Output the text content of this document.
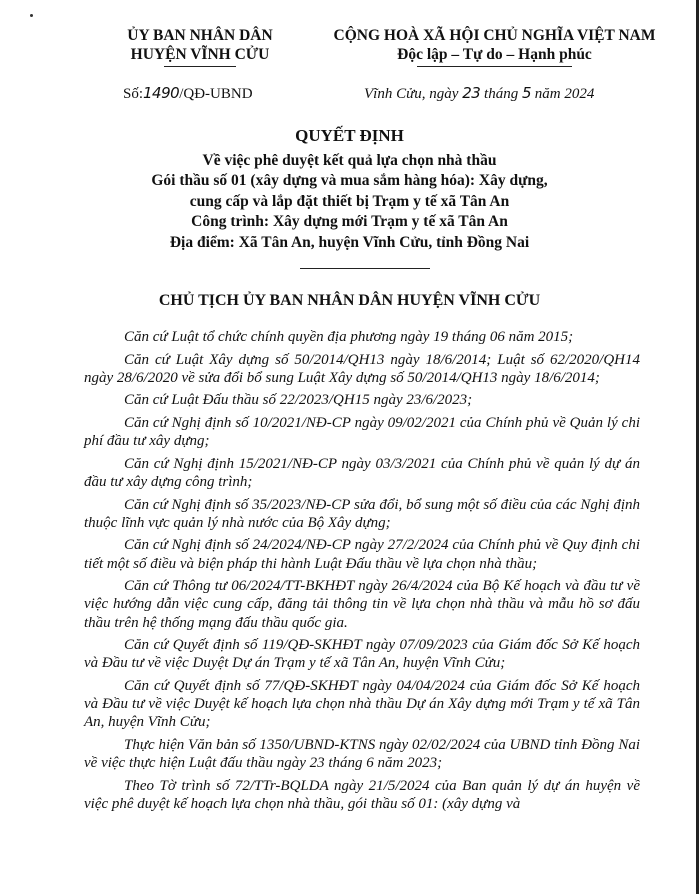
ỦY BAN NHÂN DÂN
HUYỆN VĨNH CỬU
CỘNG HOÀ XÃ HỘI CHỦ NGHĨA VIỆT NAM
Độc lập – Tự do – Hạnh phúc
Số:1490/QĐ-UBND	Vĩnh Cửu, ngày 23 tháng 5 năm 2024
QUYẾT ĐỊNH
Về việc phê duyệt kết quả lựa chọn nhà thầu
Gói thầu số 01 (xây dựng và mua sắm hàng hóa): Xây dựng,
cung cấp và lắp đặt thiết bị Trạm y tế xã Tân An
Công trình: Xây dựng mới Trạm y tế xã Tân An
Địa điểm: Xã Tân An, huyện Vĩnh Cửu, tỉnh Đồng Nai
CHỦ TỊCH ỦY BAN NHÂN DÂN HUYỆN VĨNH CỬU

Căn cứ Luật tổ chức chính quyền địa phương ngày 19 tháng 06 năm 2015;

Căn cứ Luật Xây dựng số 50/2014/QH13 ngày 18/6/2014; Luật số 62/2020/QH14 ngày 28/6/2020 về sửa đổi bổ sung Luật Xây dựng số 50/2014/QH13 ngày 18/6/2014;

Căn cứ Luật Đấu thầu số 22/2023/QH15 ngày 23/6/2023;

Căn cứ Nghị định số 10/2021/NĐ-CP ngày 09/02/2021 của Chính phủ về Quản lý chi phí đầu tư xây dựng;

Căn cứ Nghị định 15/2021/NĐ-CP ngày 03/3/2021 của Chính phủ về quản lý dự án đầu tư xây dựng công trình;

Căn cứ Nghị định số 35/2023/NĐ-CP sửa đổi, bổ sung một số điều của các Nghị định thuộc lĩnh vực quản lý nhà nước của Bộ Xây dựng;

Căn cứ Nghị định số 24/2024/NĐ-CP ngày 27/2/2024 của Chính phủ về Quy định chi tiết một số điều và biện pháp thi hành Luật Đấu thầu về lựa chọn nhà thầu;

Căn cứ Thông tư 06/2024/TT-BKHĐT ngày 26/4/2024 của Bộ Kế hoạch và đầu tư về việc hướng dẫn việc cung cấp, đăng tải thông tin về lựa chọn nhà thầu và mẫu hồ sơ đấu thầu trên hệ thống mạng đấu thầu quốc gia.

Căn cứ Quyết định số 119/QĐ-SKHĐT ngày 07/09/2023 của Giám đốc Sở Kế hoạch và Đầu tư về việc Duyệt Dự án Trạm y tế xã Tân An, huyện Vĩnh Cửu;

Căn cứ Quyết định số 77/QĐ-SKHĐT ngày 04/04/2024 của Giám đốc Sở Kế hoạch và Đầu tư về việc Duyệt kế hoạch lựa chọn nhà thầu Dự án Xây dựng mới Trạm y tế xã Tân An, huyện Vĩnh Cửu;

Thực hiện Văn bản số 1350/UBND-KTNS ngày 02/02/2024 của UBND tỉnh Đồng Nai về việc thực hiện Luật đấu thầu ngày 23 tháng 6 năm 2023;

Theo Tờ trình số 72/TTr-BQLDA ngày 21/5/2024 của Ban quản lý dự án huyện về việc phê duyệt kế hoạch lựa chọn nhà thầu, gói thầu số 01: (xây dựng và
